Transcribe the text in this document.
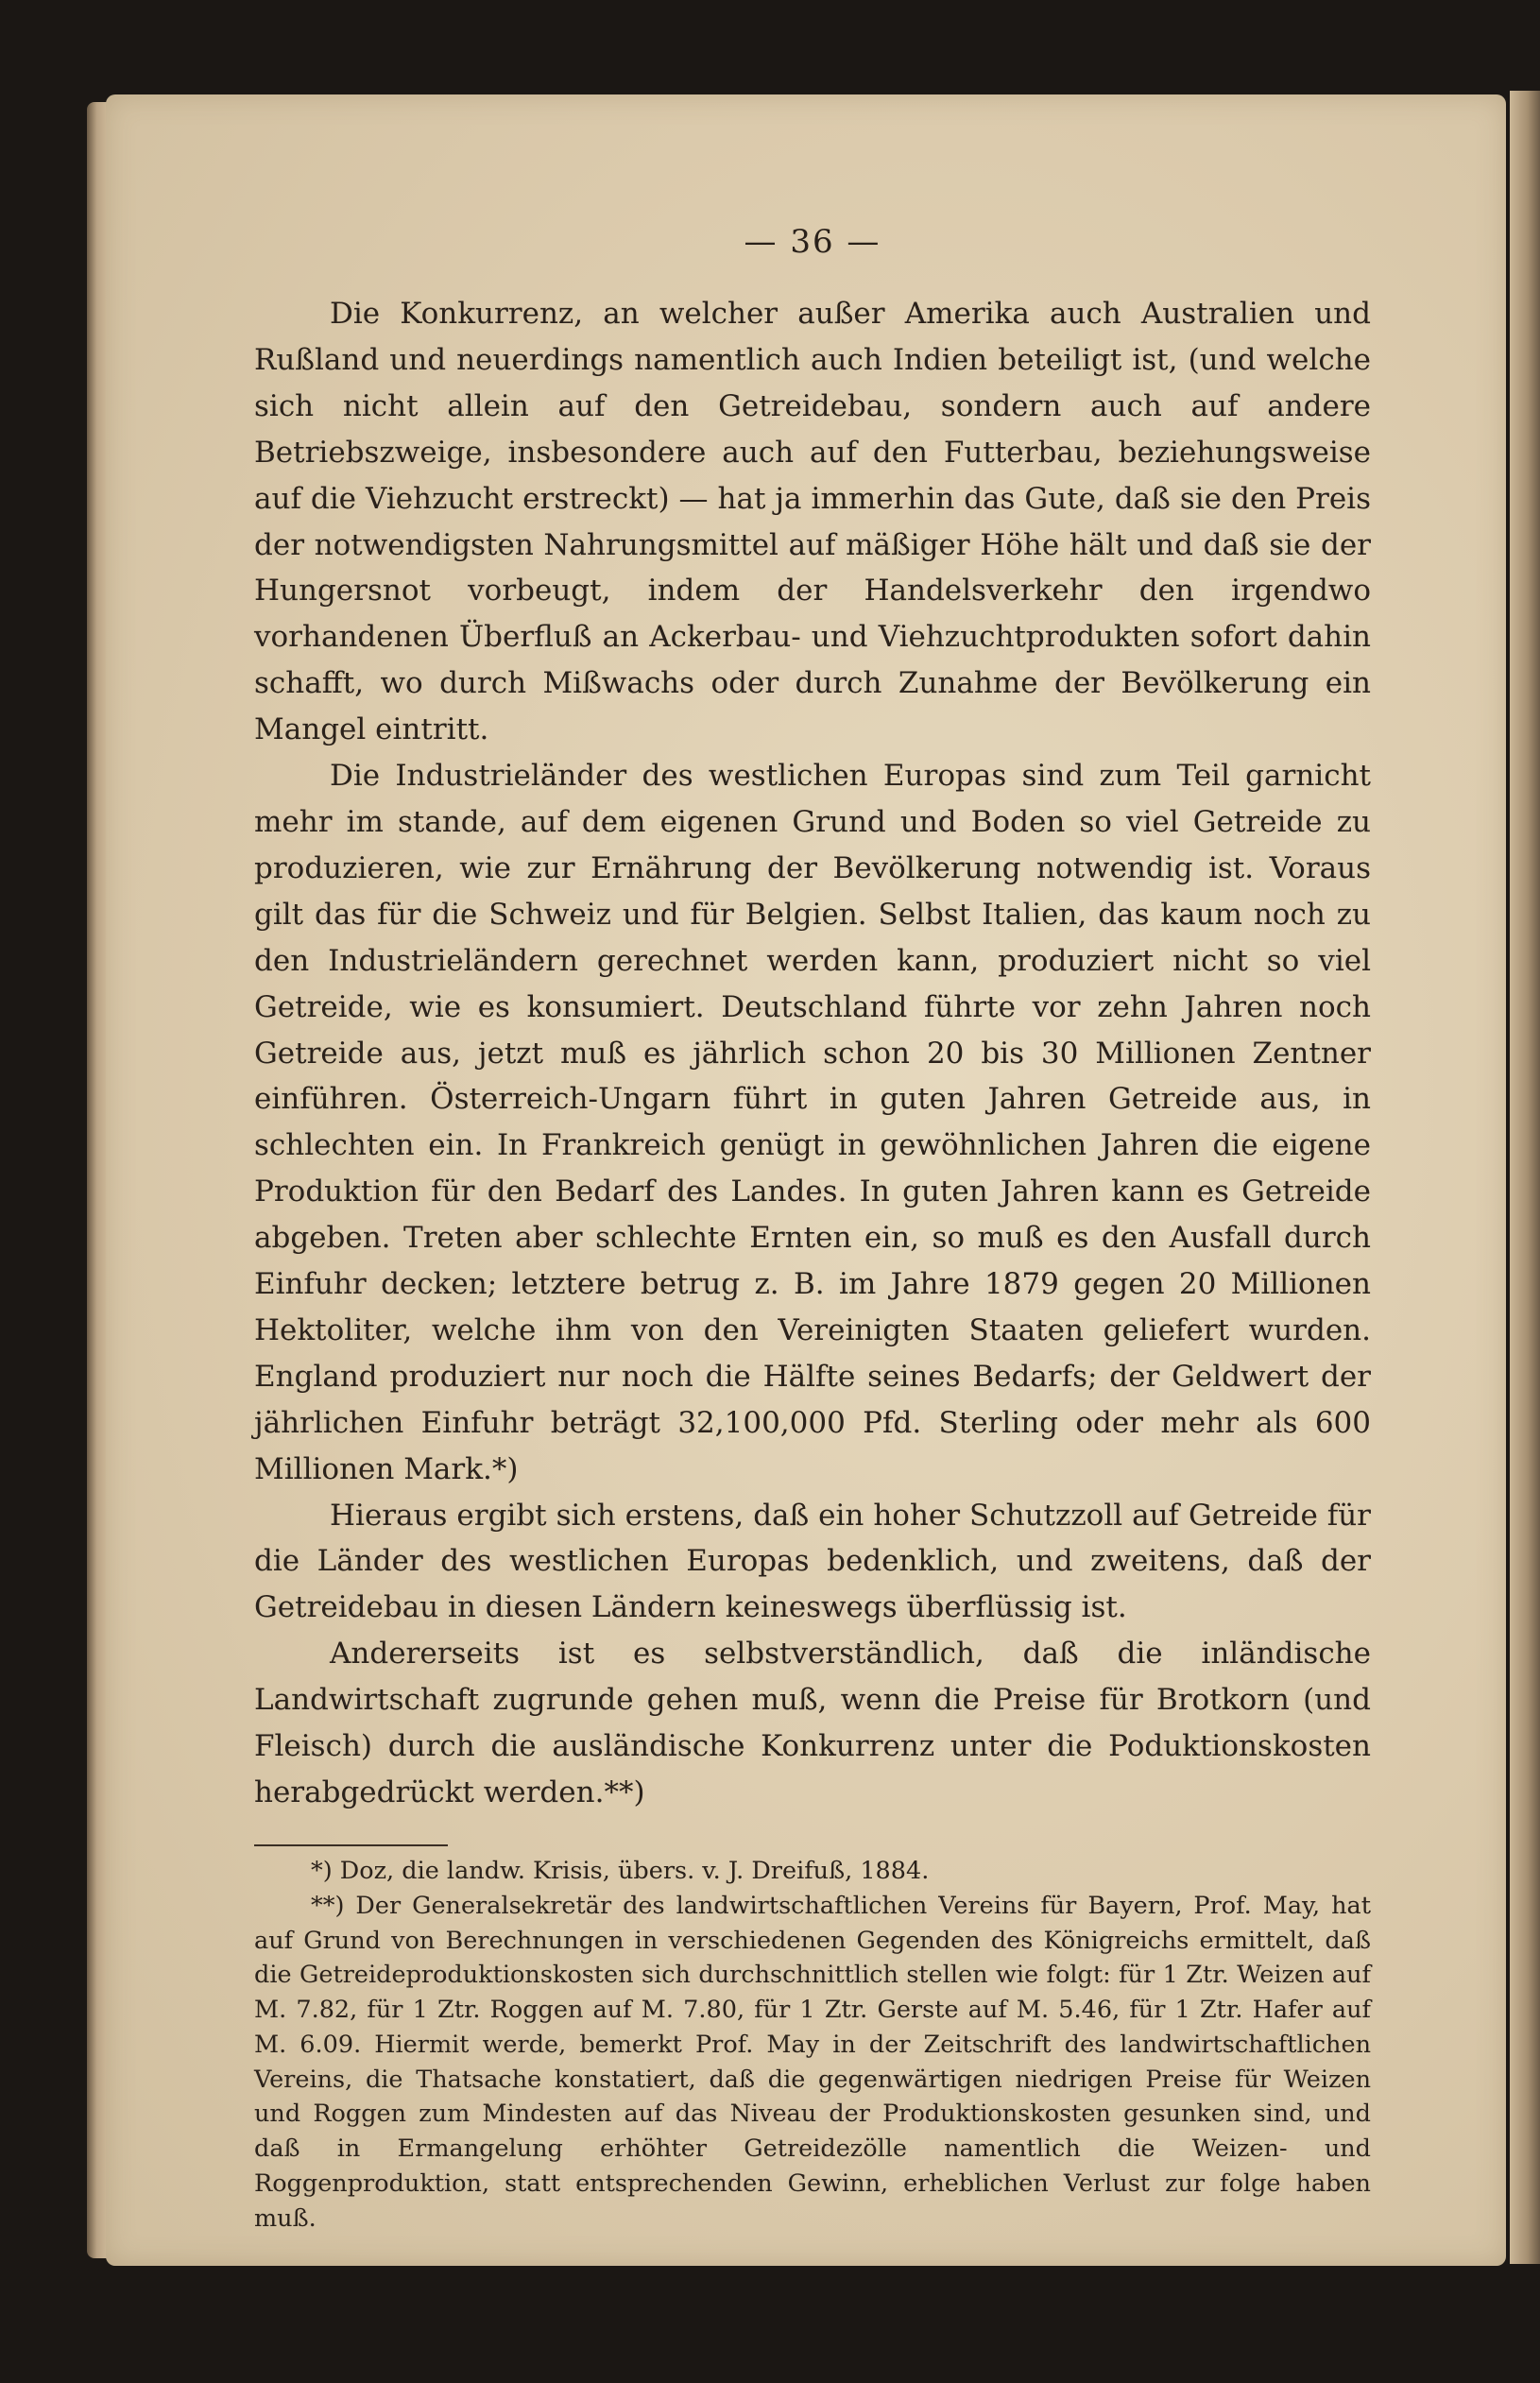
— 36 —

Die Konkurrenz, an welcher außer Amerika auch Australien und Rußland und neuerdings namentlich auch Indien beteiligt ist, (und welche sich nicht allein auf den Getreidebau, sondern auch auf andere Betriebszweige, insbesondere auch auf den Futterbau, beziehungsweise auf die Viehzucht erstreckt) — hat ja immerhin das Gute, daß sie den Preis der notwendigsten Nahrungsmittel auf mäßiger Höhe hält und daß sie der Hungersnot vorbeugt, indem der Handelsverkehr den irgendwo vorhandenen Überfluß an Ackerbau- und Viehzuchtprodukten sofort dahin schafft, wo durch Mißwachs oder durch Zunahme der Bevölkerung ein Mangel eintritt.

Die Industrieländer des westlichen Europas sind zum Teil garnicht mehr im stande, auf dem eigenen Grund und Boden so viel Getreide zu produzieren, wie zur Ernährung der Bevölkerung notwendig ist. Voraus gilt das für die Schweiz und für Belgien. Selbst Italien, das kaum noch zu den Industrieländern gerechnet werden kann, produziert nicht so viel Getreide, wie es konsumiert. Deutschland führte vor zehn Jahren noch Getreide aus, jetzt muß es jährlich schon 20 bis 30 Millionen Zentner einführen. Österreich-Ungarn führt in guten Jahren Getreide aus, in schlechten ein. In Frankreich genügt in gewöhnlichen Jahren die eigene Produktion für den Bedarf des Landes. In guten Jahren kann es Getreide abgeben. Treten aber schlechte Ernten ein, so muß es den Ausfall durch Einfuhr decken; letztere betrug z. B. im Jahre 1879 gegen 20 Millionen Hektoliter, welche ihm von den Vereinigten Staaten geliefert wurden. England produziert nur noch die Hälfte seines Bedarfs; der Geldwert der jährlichen Einfuhr beträgt 32,100,000 Pfd. Sterling oder mehr als 600 Millionen Mark.*)

Hieraus ergibt sich erstens, daß ein hoher Schutzzoll auf Getreide für die Länder des westlichen Europas bedenklich, und zweitens, daß der Getreidebau in diesen Ländern keineswegs überflüssig ist.

Andererseits ist es selbstverständlich, daß die inländische Landwirtschaft zugrunde gehen muß, wenn die Preise für Brotkorn (und Fleisch) durch die ausländische Konkurrenz unter die Poduktionskosten herabgedrückt werden.**)

*) Doz, die landw. Krisis, übers. v. J. Dreifuß, 1884.

**) Der Generalsekretär des landwirtschaftlichen Vereins für Bayern, Prof. May, hat auf Grund von Berechnungen in verschiedenen Gegenden des Königreichs ermittelt, daß die Getreideproduktionskosten sich durchschnittlich stellen wie folgt: für 1 Ztr. Weizen auf M. 7.82, für 1 Ztr. Roggen auf M. 7.80, für 1 Ztr. Gerste auf M. 5.46, für 1 Ztr. Hafer auf M. 6.09. Hiermit werde, bemerkt Prof. May in der Zeitschrift des landwirtschaftlichen Vereins, die Thatsache konstatiert, daß die gegenwärtigen niedrigen Preise für Weizen und Roggen zum Mindesten auf das Niveau der Produktionskosten gesunken sind, und daß in Ermangelung erhöhter Getreidezölle namentlich die Weizen- und Roggenproduktion, statt entsprechenden Gewinn, erheblichen Verlust zur folge haben muß.
